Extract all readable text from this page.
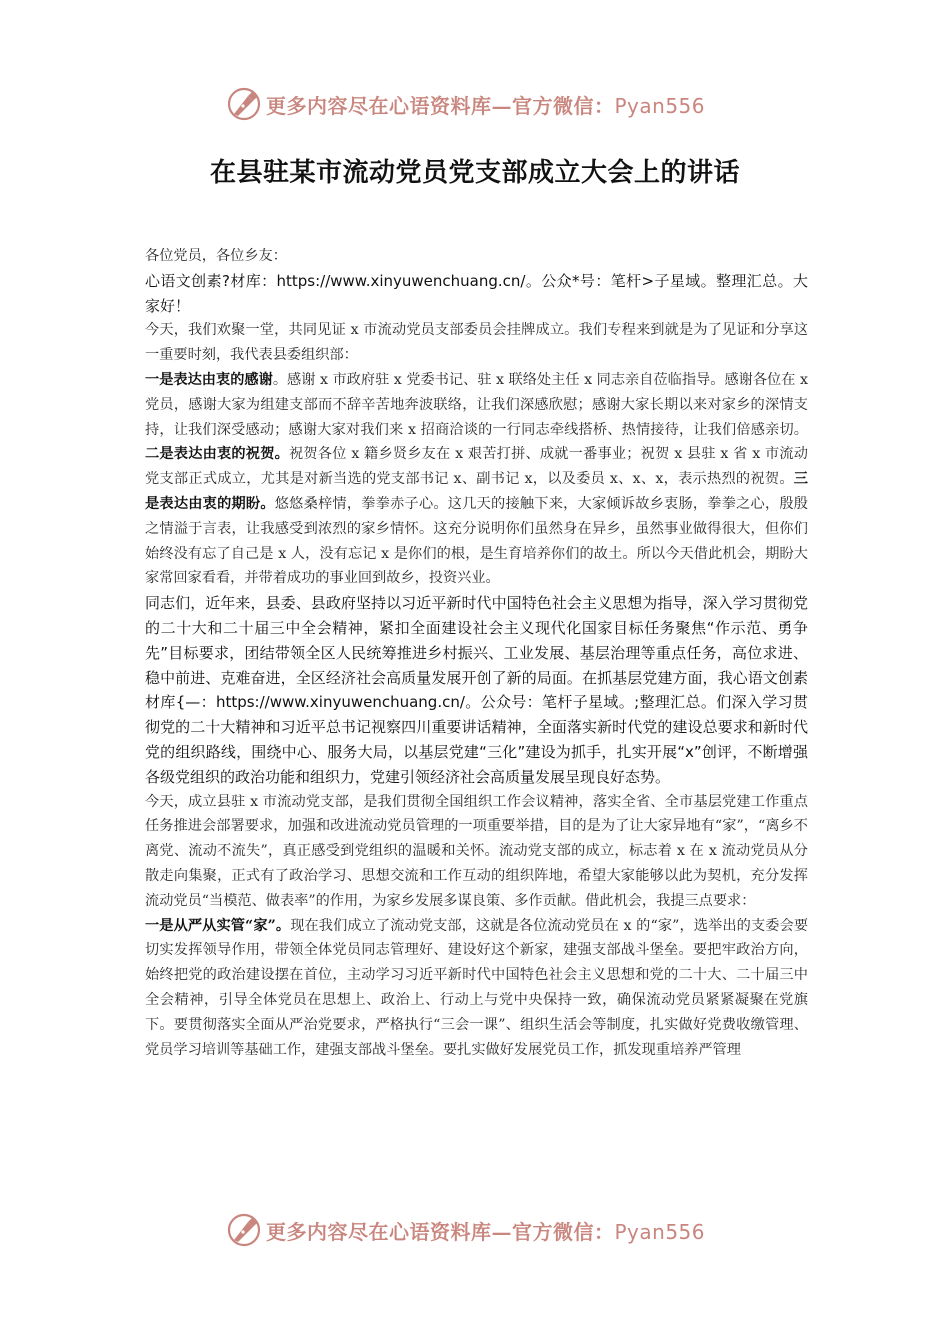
更多内容尽在心语资料库—官方微信：Pyan556
在县驻某市流动党员党支部成立大会上的讲话

各位党员，各位乡友：

心语文创素?材库：https://www.xinyuwenchuang.cn/。公众*号：笔杆>子星域。整理汇总。大家好！

今天，我们欢聚一堂，共同见证 x 市流动党员支部委员会挂牌成立。我们专程来到就是为了见证和分享这一重要时刻，我代表县委组织部：

一是表达由衷的感谢。感谢 x 市政府驻 x 党委书记、驻 x 联络处主任 x 同志亲自莅临指导。感谢各位在 x 党员，感谢大家为组建支部而不辞辛苦地奔波联络，让我们深感欣慰；感谢大家长期以来对家乡的深情支持，让我们深受感动；感谢大家对我们来 x 招商洽谈的一行同志牵线搭桥、热情接待，让我们倍感亲切。二是表达由衷的祝贺。祝贺各位 x 籍乡贤乡友在 x 艰苦打拼、成就一番事业；祝贺 x 县驻 x 省 x 市流动党支部正式成立，尤其是对新当选的党支部书记 x、副书记 x，以及委员 x、x、x，表示热烈的祝贺。三是表达由衷的期盼。悠悠桑梓情，拳拳赤子心。这几天的接触下来，大家倾诉故乡衷肠，拳拳之心，殷殷之情溢于言表，让我感受到浓烈的家乡情怀。这充分说明你们虽然身在异乡，虽然事业做得很大，但你们始终没有忘了自己是 x 人，没有忘记 x 是你们的根，是生育培养你们的故土。所以今天借此机会，期盼大家常回家看看，并带着成功的事业回到故乡，投资兴业。

同志们，近年来，县委、县政府坚持以习近平新时代中国特色社会主义思想为指导，深入学习贯彻党的二十大和二十届三中全会精神，紧扣全面建设社会主义现代化国家目标任务聚焦“作示范、勇争先”目标要求，团结带领全区人民统筹推进乡村振兴、工业发展、基层治理等重点任务，高位求进、稳中前进、克难奋进，全区经济社会高质量发展开创了新的局面。在抓基层党建方面，我心语文创素材库{—：https://www.xinyuwenchuang.cn/。公众号：笔杆子星域。;整理汇总。们深入学习贯彻党的二十大精神和习近平总书记视察四川重要讲话精神，全面落实新时代党的建设总要求和新时代党的组织路线，围绕中心、服务大局，以基层党建“三化”建设为抓手，扎实开展“x”创评，不断增强各级党组织的政治功能和组织力，党建引领经济社会高质量发展呈现良好态势。

今天，成立县驻 x 市流动党支部，是我们贯彻全国组织工作会议精神，落实全省、全市基层党建工作重点任务推进会部署要求，加强和改进流动党员管理的一项重要举措，目的是为了让大家异地有“家”，“离乡不离党、流动不流失”，真正感受到党组织的温暖和关怀。流动党支部的成立，标志着 x 在 x 流动党员从分散走向集聚，正式有了政治学习、思想交流和工作互动的组织阵地，希望大家能够以此为契机，充分发挥流动党员“当模范、做表率”的作用，为家乡发展多谋良策、多作贡献。借此机会，我提三点要求：

一是从严从实管“家”。现在我们成立了流动党支部，这就是各位流动党员在 x 的“家”，选举出的支委会要切实发挥领导作用，带领全体党员同志管理好、建设好这个新家，建强支部战斗堡垒。要把牢政治方向，始终把党的政治建设摆在首位，主动学习习近平新时代中国特色社会主义思想和党的二十大、二十届三中全会精神，引导全体党员在思想上、政治上、行动上与党中央保持一致，确保流动党员紧紧凝聚在党旗下。要贯彻落实全面从严治党要求，严格执行“三会一课”、组织生活会等制度，扎实做好党费收缴管理、党员学习培训等基础工作，建强支部战斗堡垒。要扎实做好发展党员工作，抓发现重培养严管理

更多内容尽在心语资料库—官方微信：Pyan556
